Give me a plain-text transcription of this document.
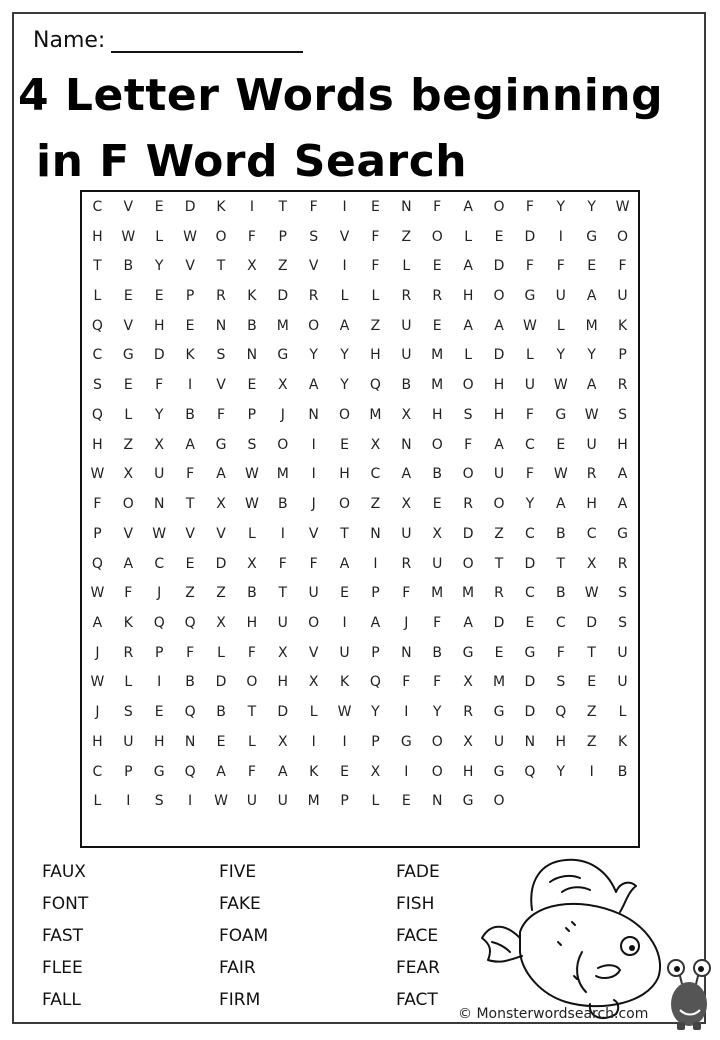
Name:
4 Letter Words beginning
in F Word Search
C	V	E	D	K	I	T	F	I	E	N	F	A	O	F	Y	Y	W
H	W	L	W	O	F	P	S	V	F	Z	O	L	E	D	I	G	O
T	B	Y	V	T	X	Z	V	I	F	L	E	A	D	F	F	E	F
L	E	E	P	R	K	D	R	L	L	R	R	H	O	G	U	A	U
Q	V	H	E	N	B	M	O	A	Z	U	E	A	A	W	L	M	K
C	G	D	K	S	N	G	Y	Y	H	U	M	L	D	L	Y	Y	P
S	E	F	I	V	E	X	A	Y	Q	B	M	O	H	U	W	A	R
Q	L	Y	B	F	P	J	N	O	M	X	H	S	H	F	G	W	S
H	Z	X	A	G	S	O	I	E	X	N	O	F	A	C	E	U	H
W	X	U	F	A	W	M	I	H	C	A	B	O	U	F	W	R	A
F	O	N	T	X	W	B	J	O	Z	X	E	R	O	Y	A	H	A
P	V	W	V	V	L	I	V	T	N	U	X	D	Z	C	B	C	G
Q	A	C	E	D	X	F	F	A	I	R	U	O	T	D	T	X	R
W	F	J	Z	Z	B	T	U	E	P	F	M	M	R	C	B	W	S
A	K	Q	Q	X	H	U	O	I	A	J	F	A	D	E	C	D	S
J	R	P	F	L	F	X	V	U	P	N	B	G	E	G	F	T	U
W	L	I	B	D	O	H	X	K	Q	F	F	X	M	D	S	E	U
J	S	E	Q	B	T	D	L	W	Y	I	Y	R	G	D	Q	Z	L
H	U	H	N	E	L	X	I	I	P	G	O	X	U	N	H	Z	K
C	P	G	Q	A	F	A	K	E	X	I	O	H	G	Q	Y	I	B
L	I	S	I	W	U	U	M	P	L	E	N	G	O
FAUX	FIVE	FADE
FONT	FAKE	FISH
FAST	FOAM	FACE
FLEE	FAIR	FEAR
FALL	FIRM	FACT
© Monsterwordsearch.com
